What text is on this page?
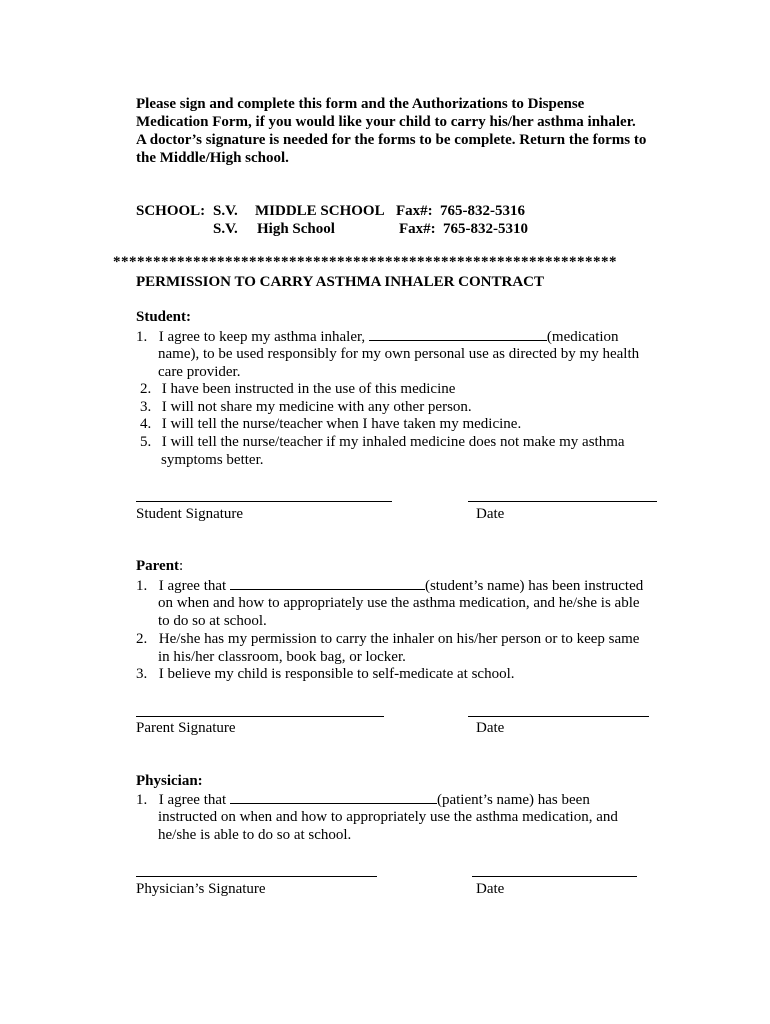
Please sign and complete this form and the Authorizations to Dispense
Medication Form, if you would like your child to carry his/her asthma inhaler.
A doctor’s signature is needed for the forms to be complete. Return the forms to
the Middle/High school.
SCHOOL: S.V. MIDDLE SCHOOL Fax#: 765-832-5316
S.V. High School	Fax#: 765-832-5310
***************************************************************
PERMISSION TO CARRY ASTHMA INHALER CONTRACT
Student:
1. I agree to keep my asthma inhaler,	(medication
name), to be used responsibly for my own personal use as directed by my health
care provider.
2. I have been instructed in the use of this medicine
3. I will not share my medicine with any other person.
4. I will tell the nurse/teacher when I have taken my medicine.
5. I will tell the nurse/teacher if my inhaled medicine does not make my asthma
symptoms better.
Student Signature	Date
Parent:
1. I agree that	(student’s name) has been instructed
on when and how to appropriately use the asthma medication, and he/she is able
to do so at school.
2. He/she has my permission to carry the inhaler on his/her person or to keep same
in his/her classroom, book bag, or locker.
3. I believe my child is responsible to self-medicate at school.
Parent Signature	Date
Physician:
1. I agree that	(patient’s name) has been
instructed on when and how to appropriately use the asthma medication, and
he/she is able to do so at school.
Physician’s Signature	Date
